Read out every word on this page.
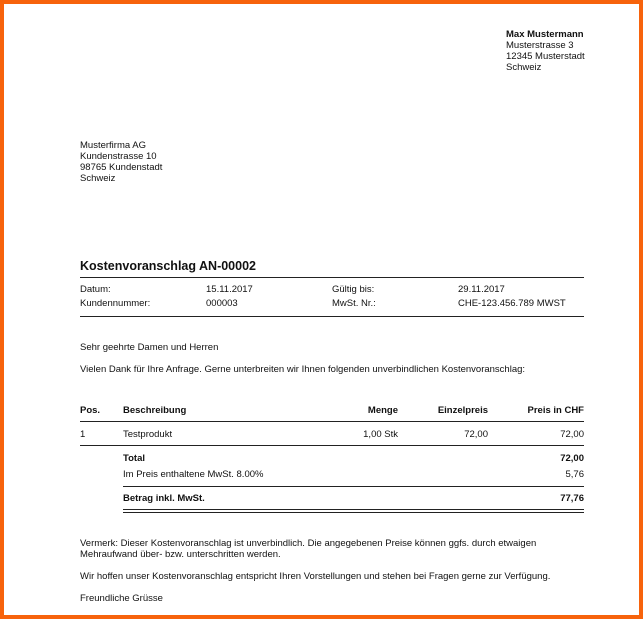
Max Mustermann
Musterstrasse 3
12345 Musterstadt
Schweiz
Musterfirma AG
Kundenstrasse 10
98765 Kundenstadt
Schweiz
Kostenvoranschlag AN-00002
Datum:	15.11.2017	Gültig bis:	29.11.2017
Kundennummer:	000003	MwSt. Nr.:	CHE-123.456.789 MWST
Sehr geehrte Damen und Herren
Vielen Dank für Ihre Anfrage. Gerne unterbreiten wir Ihnen folgenden unverbindlichen Kostenvoranschlag:
Pos. Beschreibung	Menge	Einzelpreis	Preis in CHF
1	Testprodukt	1,00 Stk	72,00	72,00
Total	72,00
Im Preis enthaltene MwSt. 8.00%	5,76
Betrag inkl. MwSt.	77,76
Vermerk: Dieser Kostenvoranschlag ist unverbindlich. Die angegebenen Preise können ggfs. durch etwaigen
Mehraufwand über- bzw. unterschritten werden.
Wir hoffen unser Kostenvoranschlag entspricht Ihren Vorstellungen und stehen bei Fragen gerne zur Verfügung.
Freundliche Grüsse
